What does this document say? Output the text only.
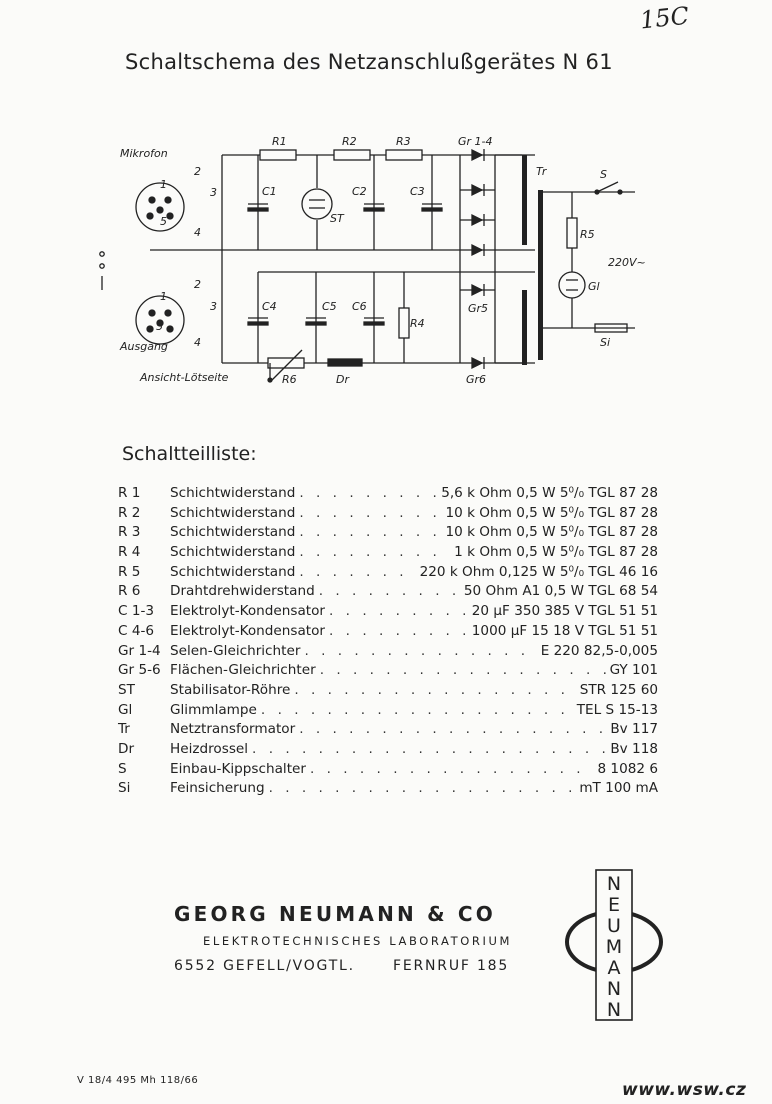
15C
Schaltschema des Netzanschlußgerätes N 61
Mikrofon
Ausgang
Ansicht-Lötseite
R1	R2	R3
R4
R5
R6
C1	C2	C3
C4	C5 C6
Gr 1-4
Gr5
Gr6
ST
Tr	S
Gl
Si
Dr
220V~
1
2
3
4
5
1
2
3
4
5
Schaltteilliste:
R 1	Schichtwiderstand . . .	5,6 k Ohm 0,5 W 5⁰/₀ TGL 87 28
R 2	Schichtwiderstand . . .	10 k Ohm 0,5 W 5⁰/₀ TGL 87 28
R 3	Schichtwiderstand . . .	10 k Ohm 0,5 W 5⁰/₀ TGL 87 28
R 4	Schichtwiderstand . . .	1 k Ohm 0,5 W 5⁰/₀ TGL 87 28
R 5	Schichtwiderstand . . .	220 k Ohm 0,125 W 5⁰/₀ TGL 46 16
R 6	Drahtdrehwiderstand . . .	50 Ohm A1 0,5 W TGL 68 54
C 1-3	Elektrolyt-Kondensator . . .	20 µF 350 385 V TGL 51 51
C 4-6	Elektrolyt-Kondensator . . .	1000 µF 15 18 V TGL 51 51
Gr 1-4 Selen-Gleichrichter . . .	E 220 82,5-0,005
Gr 5-6 Flächen-Gleichrichter . . .	GY 101
ST	Stabilisator-Röhre . . .	STR 125 60
Gl	Glimmlampe . . .	TEL S 15-13
Tr	Netztransformator . . .	Bv 117
Dr	Heizdrossel . . .	Bv 118
S	Einbau-Kippschalter . . .	8 1082 6
Si	Feinsicherung . . .	mT 100 mA
GEORG NEUMANN & CO
ELEKTROTECHNISCHES LABORATORIUM
6552 GEFELL/VOGTL.	FERNRUF 185
N
E
U
M
A
N
N
V 18/4 495 Mh 118/66	www.wsw.cz
